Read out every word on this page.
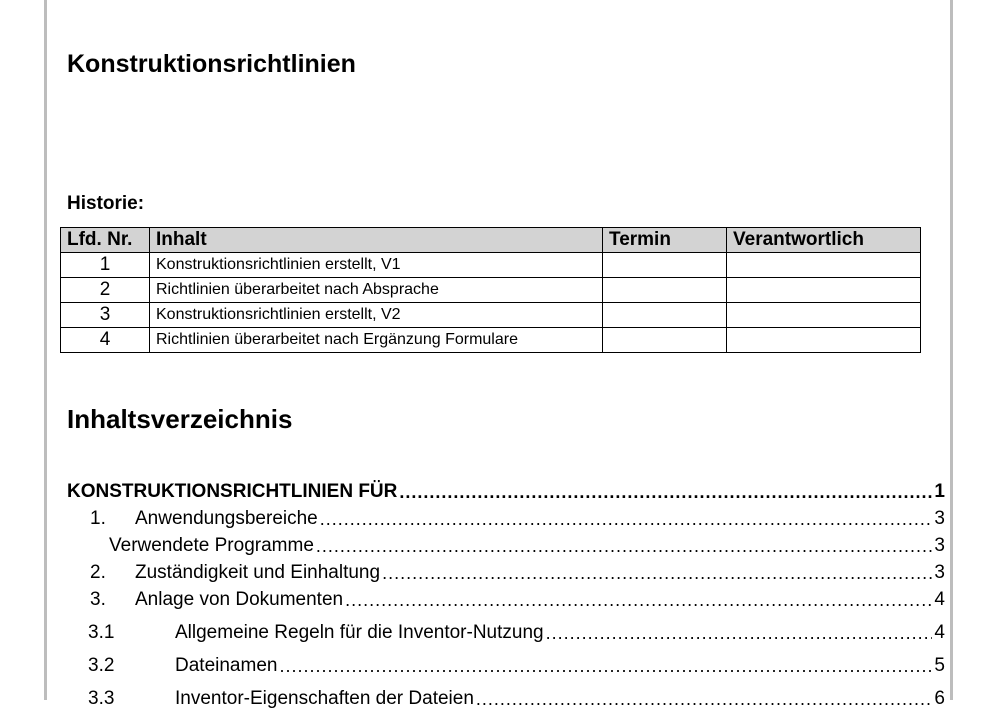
Konstruktionsrichtlinien
Historie:
Lfd. Nr.	Inhalt	Termin	Verantwortlich
1	Konstruktionsrichtlinien erstellt, V1		
2	Richtlinien überarbeitet nach Absprache		
3	Konstruktionsrichtlinien erstellt, V2		
4	Richtlinien überarbeitet nach Ergänzung Formulare		
Inhaltsverzeichnis
KONSTRUKTIONSRICHTLINIEN FÜR .....	1
1.	Anwendungsbereiche .....	3
Verwendete Programme .....	3
2.	Zuständigkeit und Einhaltung .....	3
3.	Anlage von Dokumenten .....	4
3.1	Allgemeine Regeln für die Inventor-Nutzung .....	4
3.2	Dateinamen .....	5
3.3	Inventor-Eigenschaften der Dateien .....	6
